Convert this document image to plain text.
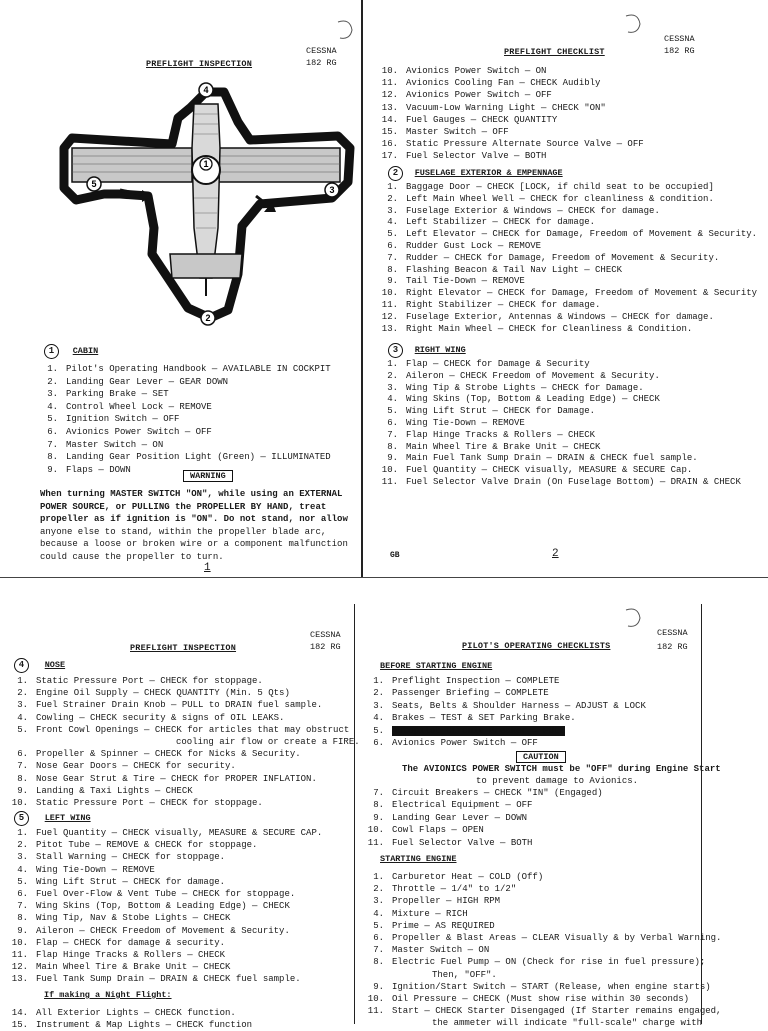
PREFLIGHT INSPECTION
CESSNA
182 RG
4
1
5
3
2
1 CABIN
1. Pilot's Operating Handbook — AVAILABLE IN COCKPIT
2. Landing Gear Lever — GEAR DOWN
3. Parking Brake — SET
4. Control Wheel Lock — REMOVE
5. Ignition Switch — OFF
6. Avionics Power Switch — OFF
7. Master Switch — ON
8. Landing Gear Position Light (Green) — ILLUMINATED
9. Flaps — DOWN
WARNING
When turning MASTER SWITCH "ON", while using an EXTERNAL
POWER SOURCE, or PULLING the PROPELLER BY HAND, treat
propeller as if ignition is "ON". Do not stand, nor allow
anyone else to stand, within the propeller blade arc,
because a loose or broken wire or a component malfunction
could cause the propeller to turn.
1
PREFLIGHT CHECKLIST
CESSNA
182 RG
10. Avionics Power Switch — ON
11. Avionics Cooling Fan — CHECK Audibly
12. Avionics Power Switch — OFF
13. Vacuum-Low Warning Light — CHECK "ON"
14. Fuel Gauges — CHECK QUANTITY
15. Master Switch — OFF
16. Static Pressure Alternate Source Valve — OFF
17. Fuel Selector Valve — BOTH
2 FUSELAGE EXTERIOR & EMPENNAGE
1. Baggage Door — CHECK [LOCK, if child seat to be occupied]
2. Left Main Wheel Well — CHECK for cleanliness & condition.
3. Fuselage Exterior & Windows — CHECK for damage.
4. Left Stabilizer — CHECK for damage.
5. Left Elevator — CHECK for Damage, Freedom of Movement & Security.
6. Rudder Gust Lock — REMOVE
7. Rudder — CHECK for Damage, Freedom of Movement & Security.
8. Flashing Beacon & Tail Nav Light — CHECK
9. Tail Tie-Down — REMOVE
10. Right Elevator — CHECK for Damage, Freedom of Movement & Security
11. Right Stabilizer — CHECK for damage.
12. Fuselage Exterior, Antennas & Windows — CHECK for damage.
13. Right Main Wheel — CHECK for Cleanliness & Condition.
3 RIGHT WING
1. Flap — CHECK for Damage & Security
2. Aileron — CHECK Freedom of Movement & Security.
3. Wing Tip & Strobe Lights — CHECK for Damage.
4. Wing Skins (Top, Bottom & Leading Edge) — CHECK
5. Wing Lift Strut — CHECK for Damage.
6. Wing Tie-Down — REMOVE
7. Flap Hinge Tracks & Rollers — CHECK
8. Main Wheel Tire & Brake Unit — CHECK
9. Main Fuel Tank Sump Drain — DRAIN & CHECK fuel sample.
10. Fuel Quantity — CHECK visually, MEASURE & SECURE Cap.
11. Fuel Selector Valve Drain (On Fuselage Bottom) — DRAIN & CHECK
GB	2
PREFLIGHT INSPECTION
CESSNA
182 RG
4 NOSE
1. Static Pressure Port — CHECK for stoppage.
2. Engine Oil Supply — CHECK QUANTITY (Min. 5 Qts)
3. Fuel Strainer Drain Knob — PULL to DRAIN fuel sample.
4. Cowling — CHECK security & signs of OIL LEAKS.
5. Front Cowl Openings — CHECK for articles that may obstruct
cooling air flow or create a FIRE.
6. Propeller & Spinner — CHECK for Nicks & Security.
7. Nose Gear Doors — CHECK for security.
8. Nose Gear Strut & Tire — CHECK for PROPER INFLATION.
9. Landing & Taxi Lights — CHECK
10. Static Pressure Port — CHECK for stoppage.
5 LEFT WING
1. Fuel Quantity — CHECK visually, MEASURE & SECURE CAP.
2. Pitot Tube — REMOVE & CHECK for stoppage.
3. Stall Warning — CHECK for stoppage.
4. Wing Tie-Down — REMOVE
5. Wing Lift Strut — CHECK for damage.
6. Fuel Over-Flow & Vent Tube — CHECK for stoppage.
7. Wing Skins (Top, Bottom & Leading Edge) — CHECK
8. Wing Tip, Nav & Stobe Lights — CHECK
9. Aileron — CHECK Freedom of Movement & Security.
10. Flap — CHECK for damage & security.
11. Flap Hinge Tracks & Rollers — CHECK
12. Main Wheel Tire & Brake Unit — CHECK
13. Fuel Tank Sump Drain — DRAIN & CHECK fuel sample.
If making a Night Flight:
14. All Exterior Lights — CHECK function.
15. Instrument & Map Lights — CHECK function
PILOT'S OPERATING CHECKLISTS
CESSNA
182 RG
BEFORE STARTING ENGINE
1. Preflight Inspection — COMPLETE
2. Passenger Briefing — COMPLETE
3. Seats, Belts & Shoulder Harness — ADJUST & LOCK
4. Brakes — TEST & SET Parking Brake.
5. Autopilot Circuit Breaker — PULL
6. Avionics Power Switch — OFF
CAUTION
The AVIONICS POWER SWITCH must be "OFF" during Engine Start
to prevent damage to Avionics.
7. Circuit Breakers — CHECK "IN" (Engaged)
8. Electrical Equipment — OFF
9. Landing Gear Lever — DOWN
10. Cowl Flaps — OPEN
11. Fuel Selector Valve — BOTH
STARTING ENGINE
1. Carburetor Heat — COLD (Off)
2. Throttle — 1/4" to 1/2"
3. Propeller — HIGH RPM
4. Mixture — RICH
5. Prime — AS REQUIRED
6. Propeller & Blast Areas — CLEAR Visually & by Verbal Warning.
7. Master Switch — ON
8. Electric Fuel Pump — ON (Check for rise in fuel pressure);
Then, "OFF".
9. Ignition/Start Switch — START (Release, when engine starts)
10. Oil Pressure — CHECK (Must show rise within 30 seconds)
11. Start — CHECK Starter Disengaged (If Starter remains engaged,
the ammeter will indicate "full-scale" charge with
